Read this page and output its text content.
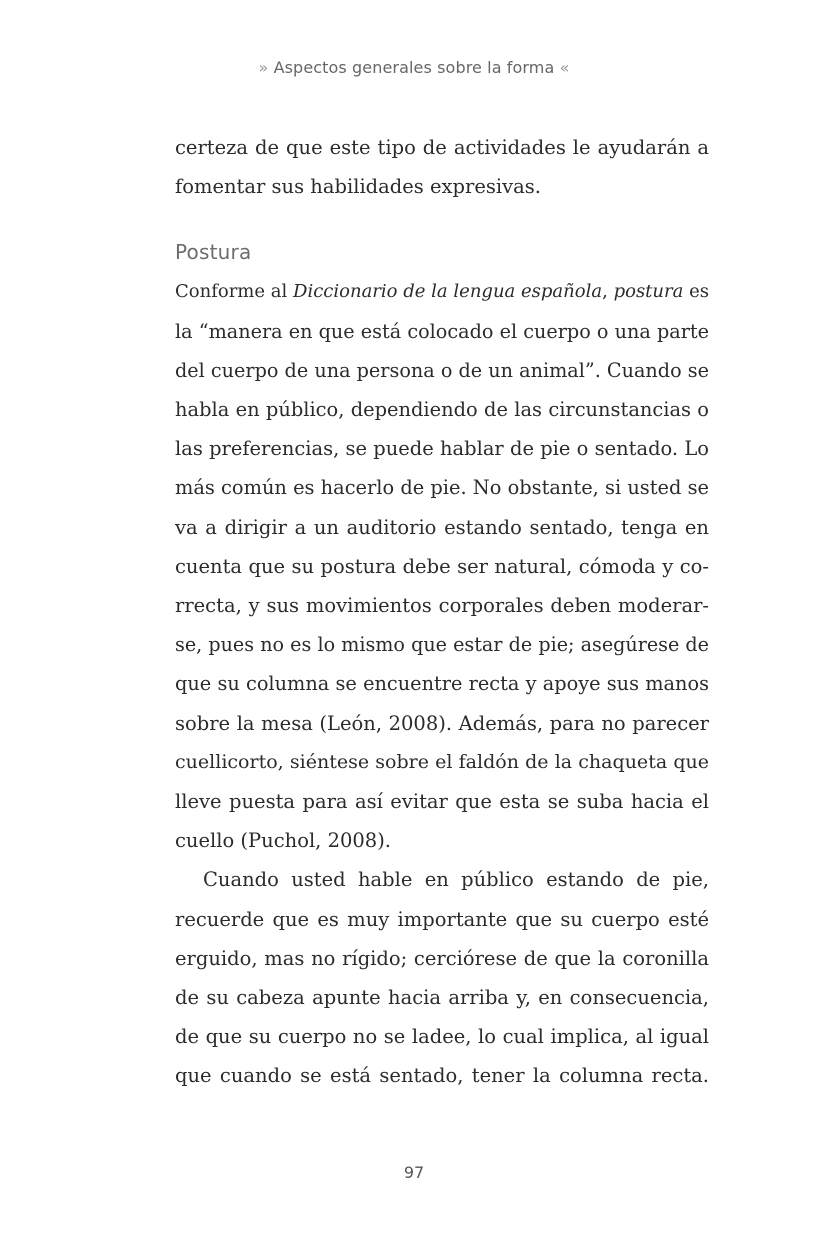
» Aspectos generales sobre la forma «
certeza de que este tipo de actividades le ayudarán a
fomentar sus habilidades expresivas.
Postura
Conforme al Diccionario de la lengua española, postura es
la “manera en que está colocado el cuerpo o una parte
del cuerpo de una persona o de un animal”. Cuando se
habla en público, dependiendo de las circunstancias o
las preferencias, se puede hablar de pie o sentado. Lo
más común es hacerlo de pie. No obstante, si usted se
va a dirigir a un auditorio estando sentado, tenga en
cuenta que su postura debe ser natural, cómoda y co-
rrecta, y sus movimientos corporales deben moderar-
se, pues no es lo mismo que estar de pie; asegúrese de
que su columna se encuentre recta y apoye sus manos
sobre la mesa (León, 2008). Además, para no parecer
cuellicorto, siéntese sobre el faldón de la chaqueta que
lleve puesta para así evitar que esta se suba hacia el
cuello (Puchol, 2008).
Cuando usted hable en público estando de pie,
recuerde que es muy importante que su cuerpo esté
erguido, mas no rígido; cerciórese de que la coronilla
de su cabeza apunte hacia arriba y, en consecuencia,
de que su cuerpo no se ladee, lo cual implica, al igual
que cuando se está sentado, tener la columna recta.
97
